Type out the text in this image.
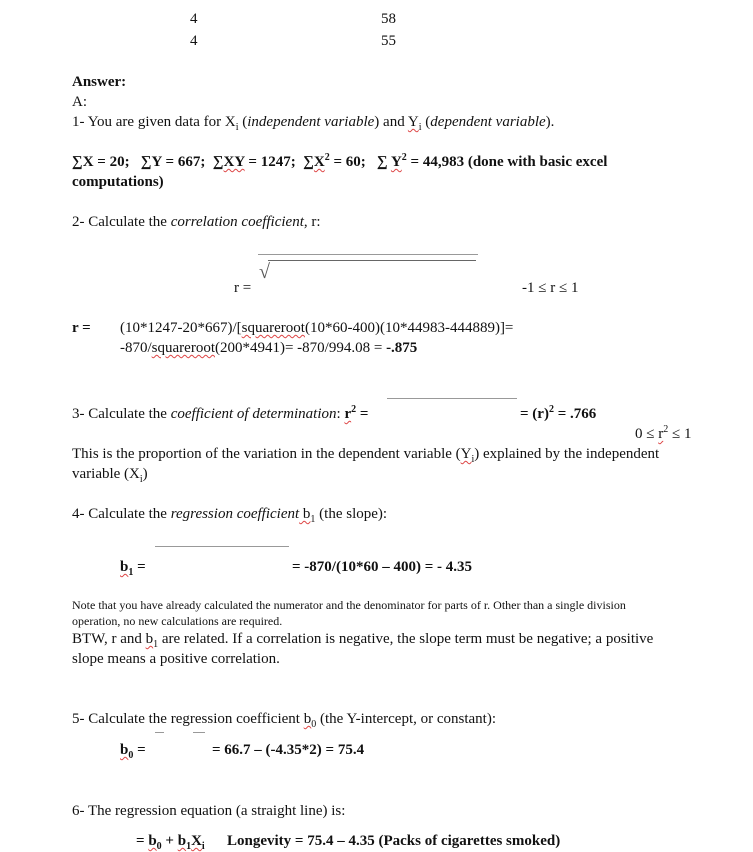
4	58
4	55
Answer:
A:
1- You are given data for $X_i$ (independent variable) and $Y_i$ (dependent variable).
∑X = 20; ∑Y = 667; ∑XY = 1247; $\sum X^2 = 60$; ∑ $Y^2 = 44,983$ (done with basic excel
computations)
2- Calculate the correlation coefficient, r:
√
r =	-1 ≤ r ≤ 1
r = (10*1247-20*667)/[squareroot(10*60-400)(10*44983-444889)]=
-870/squareroot(200*4941)= -870/994.08 = -.875
3- Calculate the coefficient of determination: $r^2$ =	= $(r)^2 = .766$
$0 \le r^2 \le 1$
This is the proportion of the variation in the dependent variable $(Y_i)$ explained by the independent
variable $(X_i)$
4- Calculate the regression coefficient $b_1$ (the slope):
$b_1$ =	= -870/(10*60 – 400) = - 4.35
Note that you have already calculated the numerator and the denominator for parts of r. Other than a single division
operation, no new calculations are required.
BTW, r and $b_1$ are related. If a correlation is negative, the slope term must be negative; a positive
slope means a positive correlation.
5- Calculate the regression coefficient $b_0$ (the Y-intercept, or constant):
$b_0$ =	= 66.7 – (-4.35*2) = 75.4
6- The regression equation (a straight line) is:
= $b_0 + b_1X_i$ Longevity = 75.4 – 4.35 (Packs of cigarettes smoked)
